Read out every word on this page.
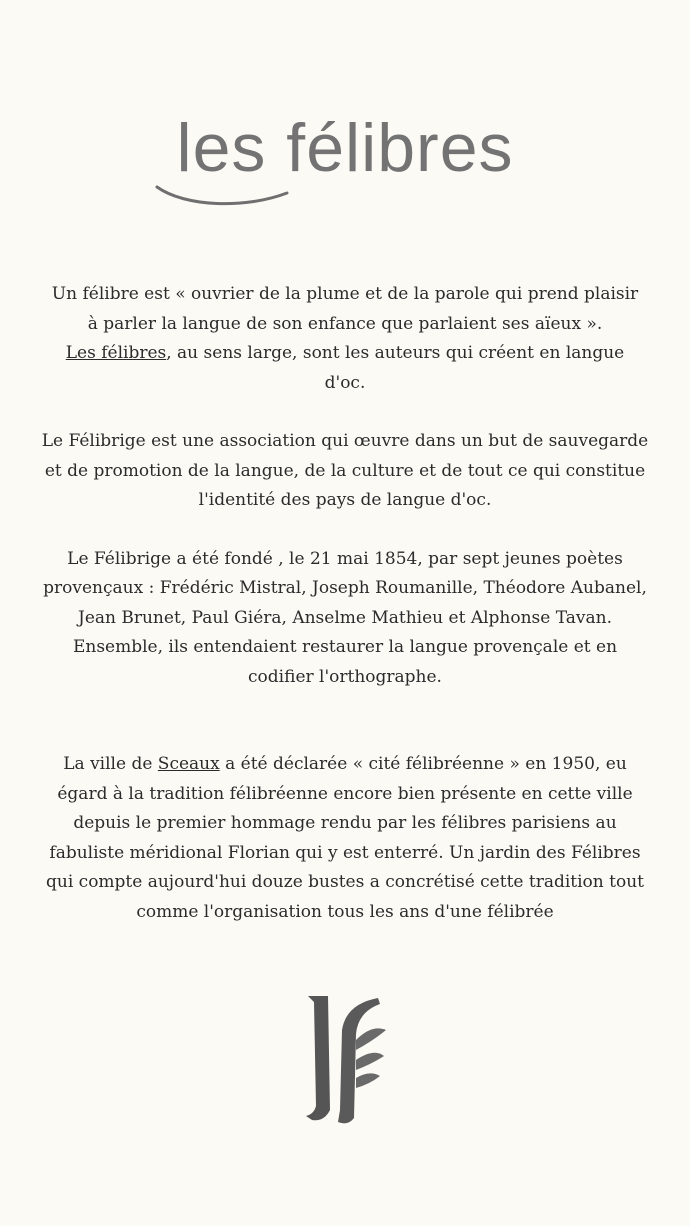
les félibres

Un félibre est « ouvrier de la plume et de la parole qui prend plaisir
à parler la langue de son enfance que parlaient ses aïeux ».
Les félibres, au sens large, sont les auteurs qui créent en langue
d'oc.

Le Félibrige est une association qui œuvre dans un but de sauvegarde et de promotion de la langue, de la culture et de tout ce qui constitue l'identité des pays de langue d'oc.

Le Félibrige a été fondé , le 21 mai 1854, par sept jeunes poètes provençaux : Frédéric Mistral, Joseph Roumanille, Théodore Aubanel, Jean Brunet, Paul Giéra, Anselme Mathieu et Alphonse Tavan. Ensemble, ils entendaient restaurer la langue provençale et en codifier l'orthographe.

La ville de Sceaux a été déclarée « cité félibréenne » en 1950, eu égard à la tradition félibréenne encore bien présente en cette ville depuis le premier hommage rendu par les félibres parisiens au fabuliste méridional Florian qui y est enterré. Un jardin des Félibres qui compte aujourd'hui douze bustes a concrétisé cette tradition tout comme l'organisation tous les ans d'une félibrée
